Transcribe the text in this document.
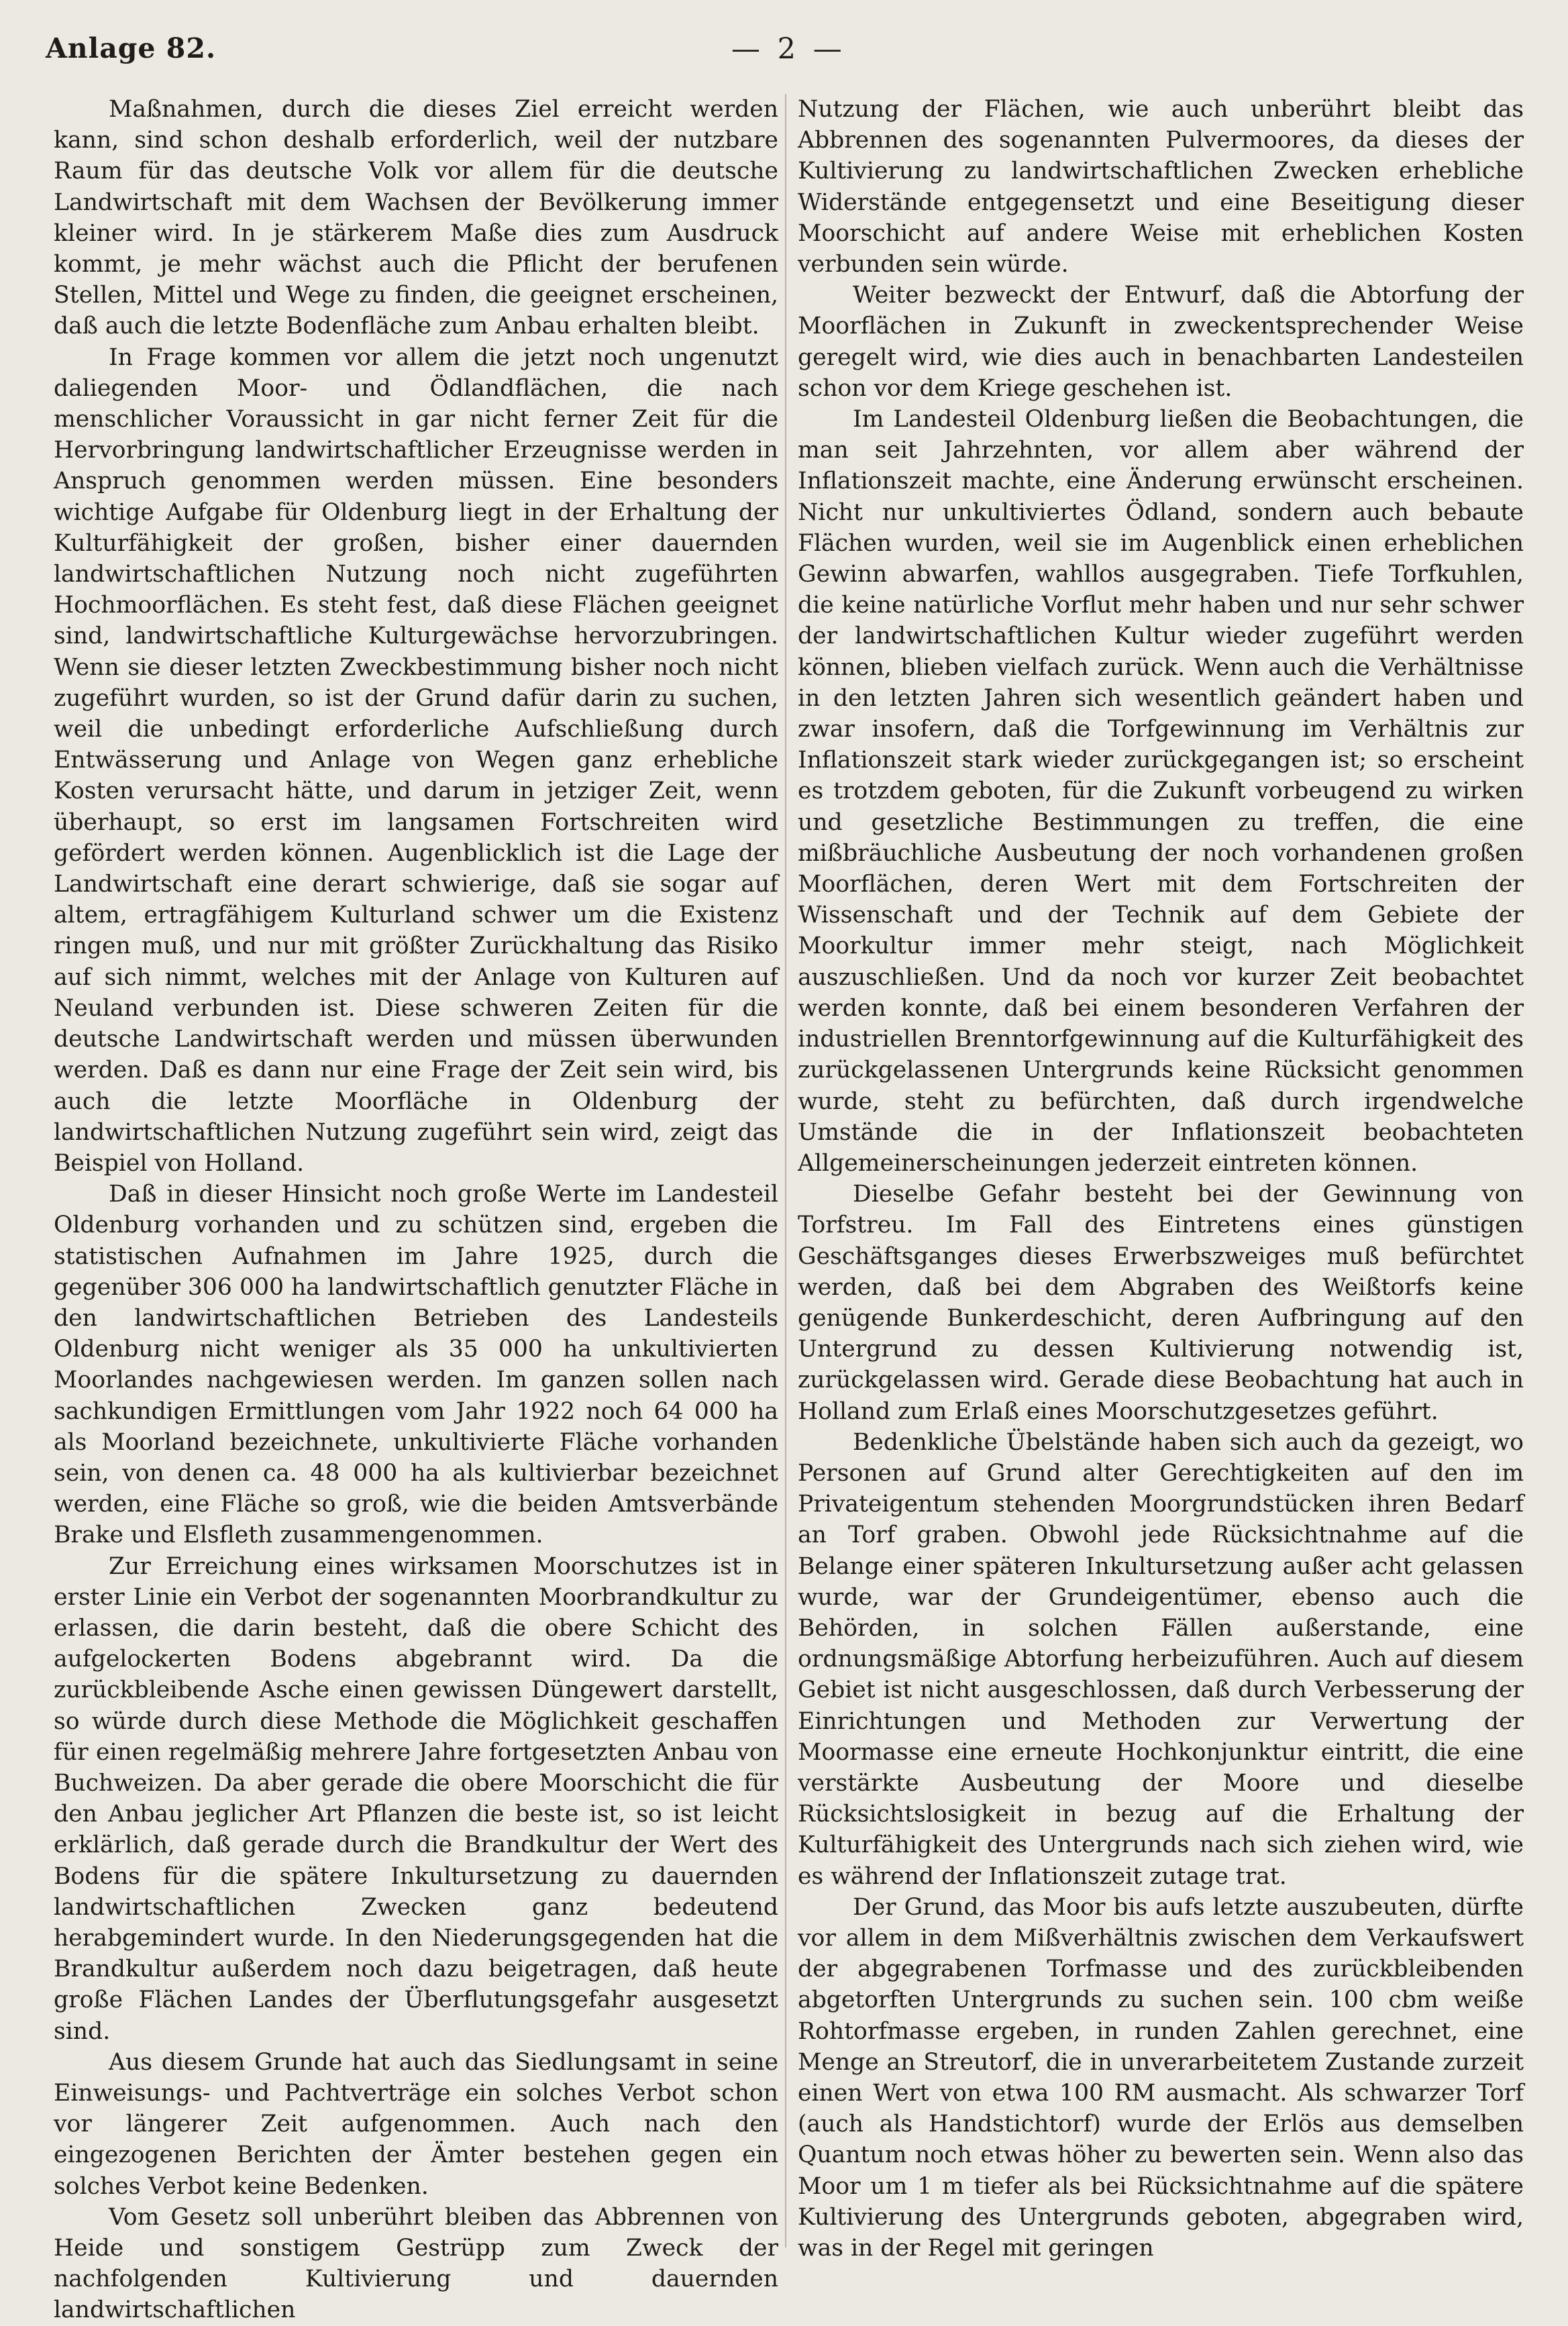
Anlage 82.	— 2 —

Maßnahmen, durch die dieses Ziel erreicht werden kann, sind schon deshalb erforderlich, weil der nutzbare Raum für das deutsche Volk vor allem für die deutsche Landwirtschaft mit dem Wachsen der Bevölkerung immer kleiner wird. In je stärkerem Maße dies zum Ausdruck kommt, je mehr wächst auch die Pflicht der berufenen Stellen, Mittel und Wege zu finden, die geeignet erscheinen, daß auch die letzte Bodenfläche zum Anbau erhalten bleibt.

In Frage kommen vor allem die jetzt noch ungenutzt daliegenden Moor- und Ödlandflächen, die nach menschlicher Voraussicht in gar nicht ferner Zeit für die Hervorbringung landwirtschaftlicher Erzeugnisse werden in Anspruch genommen werden müssen. Eine besonders wichtige Aufgabe für Oldenburg liegt in der Erhaltung der Kulturfähigkeit der großen, bisher einer dauernden landwirtschaftlichen Nutzung noch nicht zugeführten Hochmoorflächen. Es steht fest, daß diese Flächen geeignet sind, landwirtschaftliche Kulturgewächse hervorzubringen. Wenn sie dieser letzten Zweckbestimmung bisher noch nicht zugeführt wurden, so ist der Grund dafür darin zu suchen, weil die unbedingt erforderliche Aufschließung durch Entwässerung und Anlage von Wegen ganz erhebliche Kosten verursacht hätte, und darum in jetziger Zeit, wenn überhaupt, so erst im langsamen Fortschreiten wird gefördert werden können. Augenblicklich ist die Lage der Landwirtschaft eine derart schwierige, daß sie sogar auf altem, ertragfähigem Kulturland schwer um die Existenz ringen muß, und nur mit größter Zurückhaltung das Risiko auf sich nimmt, welches mit der Anlage von Kulturen auf Neuland verbunden ist. Diese schweren Zeiten für die deutsche Landwirtschaft werden und müssen überwunden werden. Daß es dann nur eine Frage der Zeit sein wird, bis auch die letzte Moorfläche in Oldenburg der landwirtschaftlichen Nutzung zugeführt sein wird, zeigt das Beispiel von Holland.

Daß in dieser Hinsicht noch große Werte im Landesteil Oldenburg vorhanden und zu schützen sind, ergeben die statistischen Aufnahmen im Jahre 1925, durch die gegenüber 306 000 ha landwirtschaftlich genutzter Fläche in den landwirtschaftlichen Betrieben des Landesteils Oldenburg nicht weniger als 35 000 ha unkultivierten Moorlandes nachgewiesen werden. Im ganzen sollen nach sachkundigen Ermittlungen vom Jahr 1922 noch 64 000 ha als Moorland bezeichnete, unkultivierte Fläche vorhanden sein, von denen ca. 48 000 ha als kultivierbar bezeichnet werden, eine Fläche so groß, wie die beiden Amtsverbände Brake und Elsfleth zusammengenommen.

Zur Erreichung eines wirksamen Moorschutzes ist in erster Linie ein Verbot der sogenannten Moorbrandkultur zu erlassen, die darin besteht, daß die obere Schicht des aufgelockerten Bodens abgebrannt wird. Da die zurückbleibende Asche einen gewissen Düngewert darstellt, so würde durch diese Methode die Möglichkeit geschaffen für einen regelmäßig mehrere Jahre fortgesetzten Anbau von Buchweizen. Da aber gerade die obere Moorschicht die für den Anbau jeglicher Art Pflanzen die beste ist, so ist leicht erklärlich, daß gerade durch die Brandkultur der Wert des Bodens für die spätere Inkultursetzung zu dauernden landwirtschaftlichen Zwecken ganz bedeutend herabgemindert wurde. In den Niederungsgegenden hat die Brandkultur außerdem noch dazu beigetragen, daß heute große Flächen Landes der Überflutungsgefahr ausgesetzt sind.

Aus diesem Grunde hat auch das Siedlungsamt in seine Einweisungs- und Pachtverträge ein solches Verbot schon vor längerer Zeit aufgenommen. Auch nach den eingezogenen Berichten der Ämter bestehen gegen ein solches Verbot keine Bedenken.

Vom Gesetz soll unberührt bleiben das Abbrennen von Heide und sonstigem Gestrüpp zum Zweck der nachfolgenden Kultivierung und dauernden landwirtschaftlichen

Nutzung der Flächen, wie auch unberührt bleibt das Abbrennen des sogenannten Pulvermoores, da dieses der Kultivierung zu landwirtschaftlichen Zwecken erhebliche Widerstände entgegensetzt und eine Beseitigung dieser Moorschicht auf andere Weise mit erheblichen Kosten verbunden sein würde.

Weiter bezweckt der Entwurf, daß die Abtorfung der Moorflächen in Zukunft in zweckentsprechender Weise geregelt wird, wie dies auch in benachbarten Landesteilen schon vor dem Kriege geschehen ist.

Im Landesteil Oldenburg ließen die Beobachtungen, die man seit Jahrzehnten, vor allem aber während der Inflationszeit machte, eine Änderung erwünscht erscheinen. Nicht nur unkultiviertes Ödland, sondern auch bebaute Flächen wurden, weil sie im Augenblick einen erheblichen Gewinn abwarfen, wahllos ausgegraben. Tiefe Torfkuhlen, die keine natürliche Vorflut mehr haben und nur sehr schwer der landwirtschaftlichen Kultur wieder zugeführt werden können, blieben vielfach zurück. Wenn auch die Verhältnisse in den letzten Jahren sich wesentlich geändert haben und zwar insofern, daß die Torfgewinnung im Verhältnis zur Inflationszeit stark wieder zurückgegangen ist; so erscheint es trotzdem geboten, für die Zukunft vorbeugend zu wirken und gesetzliche Bestimmungen zu treffen, die eine mißbräuchliche Ausbeutung der noch vorhandenen großen Moorflächen, deren Wert mit dem Fortschreiten der Wissenschaft und der Technik auf dem Gebiete der Moorkultur immer mehr steigt, nach Möglichkeit auszuschließen. Und da noch vor kurzer Zeit beobachtet werden konnte, daß bei einem besonderen Verfahren der industriellen Brenntorfgewinnung auf die Kulturfähigkeit des zurückgelassenen Untergrunds keine Rücksicht genommen wurde, steht zu befürchten, daß durch irgendwelche Umstände die in der Inflationszeit beobachteten Allgemeinerscheinungen jederzeit eintreten können.

Dieselbe Gefahr besteht bei der Gewinnung von Torfstreu. Im Fall des Eintretens eines günstigen Geschäftsganges dieses Erwerbszweiges muß befürchtet werden, daß bei dem Abgraben des Weißtorfs keine genügende Bunkerdeschicht, deren Aufbringung auf den Untergrund zu dessen Kultivierung notwendig ist, zurückgelassen wird. Gerade diese Beobachtung hat auch in Holland zum Erlaß eines Moorschutzgesetzes geführt.

Bedenkliche Übelstände haben sich auch da gezeigt, wo Personen auf Grund alter Gerechtigkeiten auf den im Privateigentum stehenden Moorgrundstücken ihren Bedarf an Torf graben. Obwohl jede Rücksichtnahme auf die Belange einer späteren Inkultursetzung außer acht gelassen wurde, war der Grundeigentümer, ebenso auch die Behörden, in solchen Fällen außerstande, eine ordnungsmäßige Abtorfung herbeizuführen. Auch auf diesem Gebiet ist nicht ausgeschlossen, daß durch Verbesserung der Einrichtungen und Methoden zur Verwertung der Moormasse eine erneute Hochkonjunktur eintritt, die eine verstärkte Ausbeutung der Moore und dieselbe Rücksichtslosigkeit in bezug auf die Erhaltung der Kulturfähigkeit des Untergrunds nach sich ziehen wird, wie es während der Inflationszeit zutage trat.

Der Grund, das Moor bis aufs letzte auszubeuten, dürfte vor allem in dem Mißverhältnis zwischen dem Verkaufswert der abgegrabenen Torfmasse und des zurückbleibenden abgetorften Untergrunds zu suchen sein. 100 cbm weiße Rohtorfmasse ergeben, in runden Zahlen gerechnet, eine Menge an Streutorf, die in unverarbeitetem Zustande zurzeit einen Wert von etwa 100 RM ausmacht. Als schwarzer Torf (auch als Handstichtorf) wurde der Erlös aus demselben Quantum noch etwas höher zu bewerten sein. Wenn also das Moor um 1 m tiefer als bei Rücksichtnahme auf die spätere Kultivierung des Untergrunds geboten, abgegraben wird, was in der Regel mit geringen
